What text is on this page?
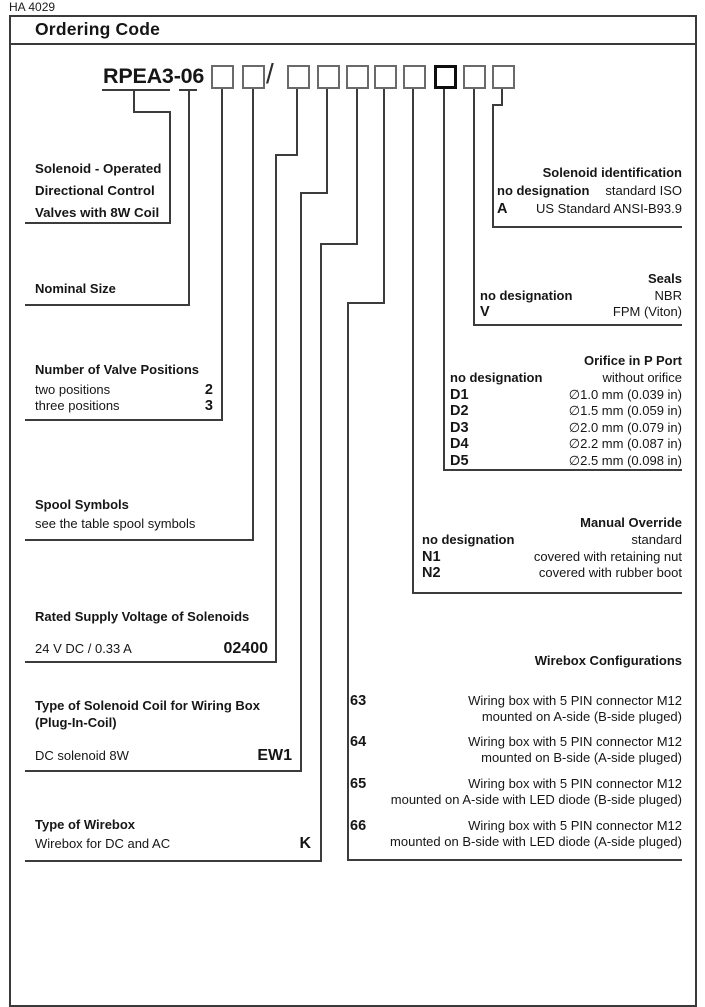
HA 4029
Ordering Code
RPEA3-06 /
Solenoid - Operated
Directional Control
Valves with 8W Coil
Nominal Size
Number of Valve Positions
two positions	2
three positions	3
Spool Symbols
see the table spool symbols
Rated Supply Voltage of Solenoids
24 V DC / 0.33 A	02400
Type of Solenoid Coil for Wiring Box
(Plug-In-Coil)
DC solenoid 8W	EW1
Type of Wirebox
Wirebox for DC and AC	K
Solenoid identification
no designation standard ISO
A US Standard ANSI-B93.9
Seals
no designation	NBR
V	FPM (Viton)
Orifice in P Port
no designation	without orifice
D1	∅1.0 mm (0.039 in)
D2	∅1.5 mm (0.059 in)
D3	∅2.0 mm (0.079 in)
D4	∅2.2 mm (0.087 in)
D5	∅2.5 mm (0.098 in)
Manual Override
no designation	standard
N1	covered with retaining nut
N2	covered with rubber boot
Wirebox Configurations
63	Wiring box with 5 PIN connector M12
mounted on A-side (B-side pluged)
64	Wiring box with 5 PIN connector M12
mounted on B-side (A-side pluged)
65	Wiring box with 5 PIN connector M12
mounted on A-side with LED diode (B-side pluged)
66	Wiring box with 5 PIN connector M12
mounted on B-side with LED diode (A-side pluged)
